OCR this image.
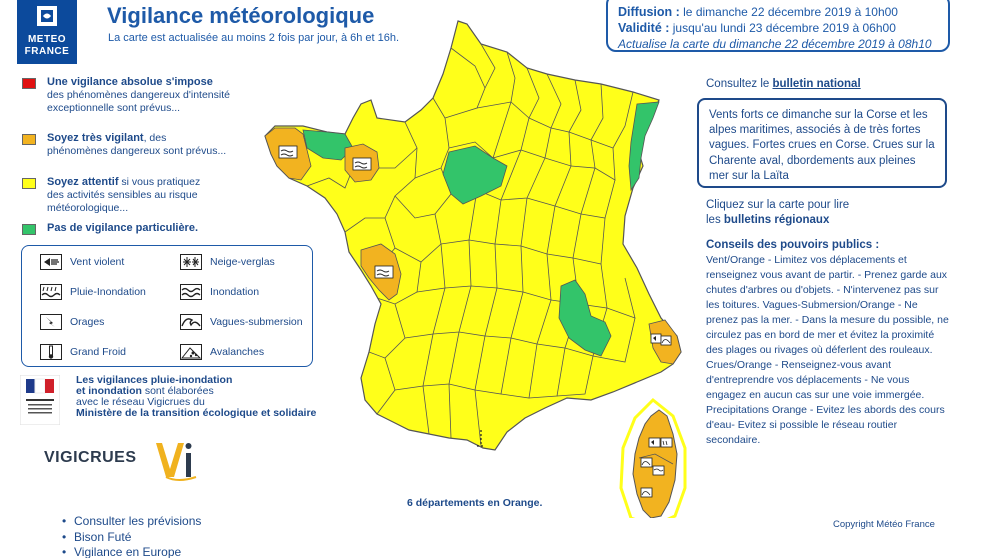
METEO
FRANCE
Vigilance météorologique
La carte est actualisée au moins 2 fois par jour, à 6h et 16h.
Diffusion : le dimanche 22 décembre 2019 à 10h00
Validité : jusqu'au lundi 23 décembre 2019 à 06h00
Actualise la carte du dimanche 22 décembre 2019 à 08h10
Une vigilance absolue s'impose
des phénomènes dangereux d'intensité exceptionnelle sont prévus...
Soyez très vigilant, des
phénomènes dangereux sont prévus...
Soyez attentif si vous pratiquez
des activités sensibles au risque météorologique...
Pas de vigilance particulière.
Vent violent	Neige-verglas
Pluie-Inondation	Inondation
Orages	Vagues-submersion
Grand Froid	Avalanches
Les vigilances pluie-inondation
et inondation sont élaborées
avec le réseau Vigicrues du
Ministère de la transition écologique et solidaire
VIGICRUES
• Consulter les prévisions
• Bison Futé
• Vigilance en Europe
6 départements en Orange.
Consultez le bulletin national
Vents forts ce dimanche sur la Corse et les alpes maritimes, associés à de très fortes vagues. Fortes crues en Corse. Crues sur la Charente aval, dbordements aux pleines mer sur la Laïta
Cliquez sur la carte pour lire
les bulletins régionaux
Conseils des pouvoirs publics :
Vent/Orange - Limitez vos déplacements et renseignez vous avant de partir. - Prenez garde aux chutes d'arbres ou d'objets. - N'intervenez pas sur les toitures. Vagues-Submersion/Orange - Ne prenez pas la mer. - Dans la mesure du possible, ne circulez pas en bord de mer et évitez la proximité des plages ou rivages où déferlent des rouleaux. Crues/Orange - Renseignez-vous avant d'entreprendre vos déplacements - Ne vous engagez en aucun cas sur une voie immergée. Precipitations Orange - Evitez les abords des cours d'eau- Evitez si possible le réseau routier secondaire.
Copyright Météo France
